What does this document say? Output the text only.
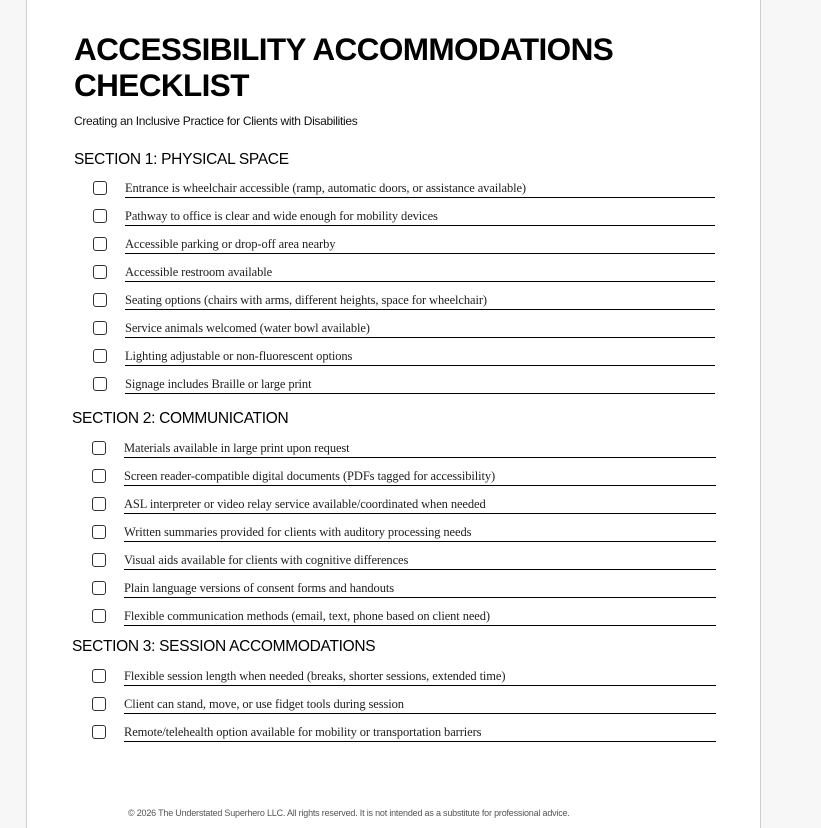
ACCESSIBILITY ACCOMMODATIONS CHECKLIST
Creating an Inclusive Practice for Clients with Disabilities
SECTION 1: PHYSICAL SPACE
Entrance is wheelchair accessible (ramp, automatic doors, or assistance available)
Pathway to office is clear and wide enough for mobility devices
Accessible parking or drop-off area nearby
Accessible restroom available
Seating options (chairs with arms, different heights, space for wheelchair)
Service animals welcomed (water bowl available)
Lighting adjustable or non-fluorescent options
Signage includes Braille or large print
SECTION 2: COMMUNICATION
Materials available in large print upon request
Screen reader-compatible digital documents (PDFs tagged for accessibility)
ASL interpreter or video relay service available/coordinated when needed
Written summaries provided for clients with auditory processing needs
Visual aids available for clients with cognitive differences
Plain language versions of consent forms and handouts
Flexible communication methods (email, text, phone based on client need)
SECTION 3: SESSION ACCOMMODATIONS
Flexible session length when needed (breaks, shorter sessions, extended time)
Client can stand, move, or use fidget tools during session
Remote/telehealth option available for mobility or transportation barriers
© 2026 The Understated Superhero LLC. All rights reserved. It is not intended as a substitute for professional advice.
